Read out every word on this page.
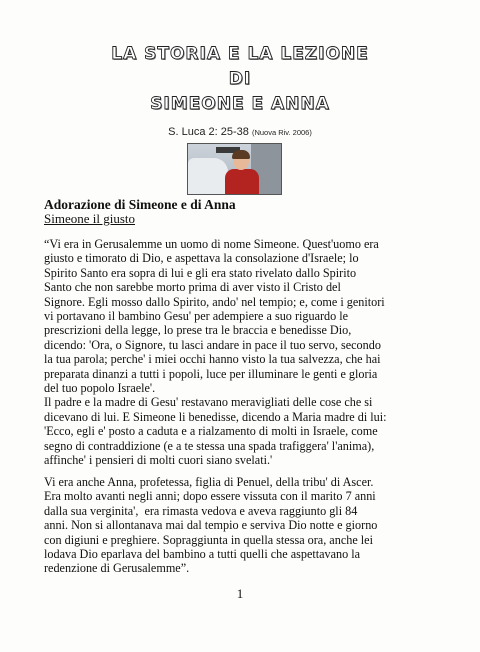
LA STORIA E LA LEZIONE
DI
SIMEONE E ANNA
S. Luca 2: 25-38 (Nuova Riv. 2006)
Adorazione di Simeone e di Anna
Simeone il giusto
“Vi era in Gerusalemme un uomo di nome Simeone. Quest'uomo era
giusto e timorato di Dio, e aspettava la consolazione d'Israele; lo
Spirito Santo era sopra di lui e gli era stato rivelato dallo Spirito
Santo che non sarebbe morto prima di aver visto il Cristo del
Signore. Egli mosso dallo Spirito, ando' nel tempio; e, come i genitori
vi portavano il bambino Gesu' per adempiere a suo riguardo le
prescrizioni della legge, lo prese tra le braccia e benedisse Dio,
dicendo: 'Ora, o Signore, tu lasci andare in pace il tuo servo, secondo
la tua parola; perche' i miei occhi hanno visto la tua salvezza, che hai
preparata dinanzi a tutti i popoli, luce per illuminare le genti e gloria
del tuo popolo Israele'.
Il padre e la madre di Gesu' restavano meravigliati delle cose che si
dicevano di lui. E Simeone li benedisse, dicendo a Maria madre di lui:
'Ecco, egli e' posto a caduta e a rialzamento di molti in Israele, come
segno di contraddizione (e a te stessa una spada trafiggera' l'anima),
affinche' i pensieri di molti cuori siano svelati.'
Vi era anche Anna, profetessa, figlia di Penuel, della tribu' di Ascer.
Era molto avanti negli anni; dopo essere vissuta con il marito 7 anni
dalla sua verginita',  era rimasta vedova e aveva raggiunto gli 84
anni. Non si allontanava mai dal tempio e serviva Dio notte e giorno
con digiuni e preghiere. Sopraggiunta in quella stessa ora, anche lei
lodava Dio eparlava del bambino a tutti quelli che aspettavano la
redenzione di Gerusalemme”.
1
